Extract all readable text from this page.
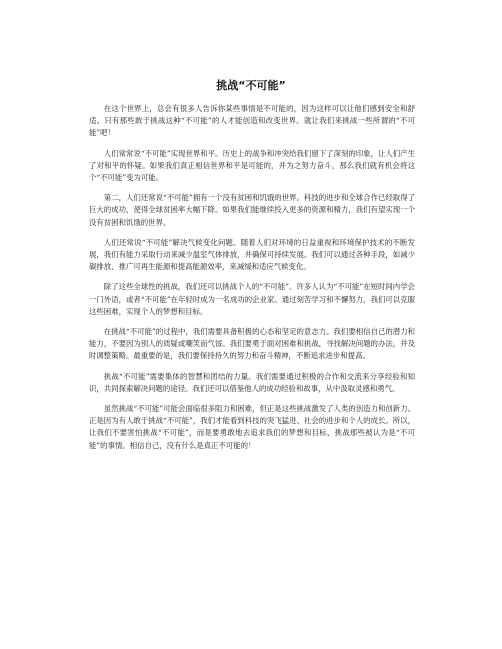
挑战“不可能”

在这个世界上，总会有很多人告诉你某些事情是不可能的，因为这样可以让他们感到安全和舒适。只有那些敢于挑战这种“不可能”的人才能创造和改变世界。就让我们来挑战一些所谓的“不可能”吧！

人们常常说“不可能”实现世界和平。历史上的战争和冲突给我们留下了深刻的印象，让人们产生了对和平的怀疑。如果我们真正相信世界和平是可能的，并为之努力奋斗，那么我们就有机会将这个“不可能”变为可能。

第二，人们还常说“不可能”拥有一个没有贫困和饥饿的世界。科技的进步和全球合作已经取得了巨大的成功，使得全球贫困率大幅下降。如果我们能继续投入更多的资源和精力，我们有望实现一个没有贫困和饥饿的世界。

人们还常说“不可能”解决气候变化问题。随着人们对环境的日益重视和环境保护技术的不断发展，我们有能力采取行动来减少温室气体排放，并确保可持续发展。我们可以通过各种手段，如减少碳排放、推广可再生能源和提高能源效率，来减缓和适应气候变化。

除了这些全球性的挑战，我们还可以挑战个人的“不可能”。许多人认为“不可能”在短时间内学会一门外语，或者“不可能”在年轻时成为一名成功的企业家。通过刻苦学习和不懈努力，我们可以克服这些困难，实现个人的梦想和目标。

在挑战“不可能”的过程中，我们需要具备积极的心态和坚定的意志力。我们要相信自己的潜力和能力，不要因为别人的质疑或嘲笑而气馁。我们要勇于面对困难和挑战，寻找解决问题的办法，并及时调整策略。最重要的是，我们要保持持久的努力和奋斗精神，不断追求进步和提高。

挑战“不可能”需要集体的智慧和团结的力量。我们需要通过积极的合作和交流来分享经验和知识，共同探索解决问题的途径。我们还可以借鉴他人的成功经验和故事，从中汲取灵感和勇气。

虽然挑战“不可能”可能会面临很多阻力和困难，但正是这些挑战激发了人类的创造力和创新力。正是因为有人敢于挑战“不可能”，我们才能看到科技的突飞猛进、社会的进步和个人的成长。所以，让我们不要害怕挑战“不可能”，而是要勇敢地去追求我们的梦想和目标，挑战那些被认为是“不可能”的事情。相信自己，没有什么是真正不可能的！
